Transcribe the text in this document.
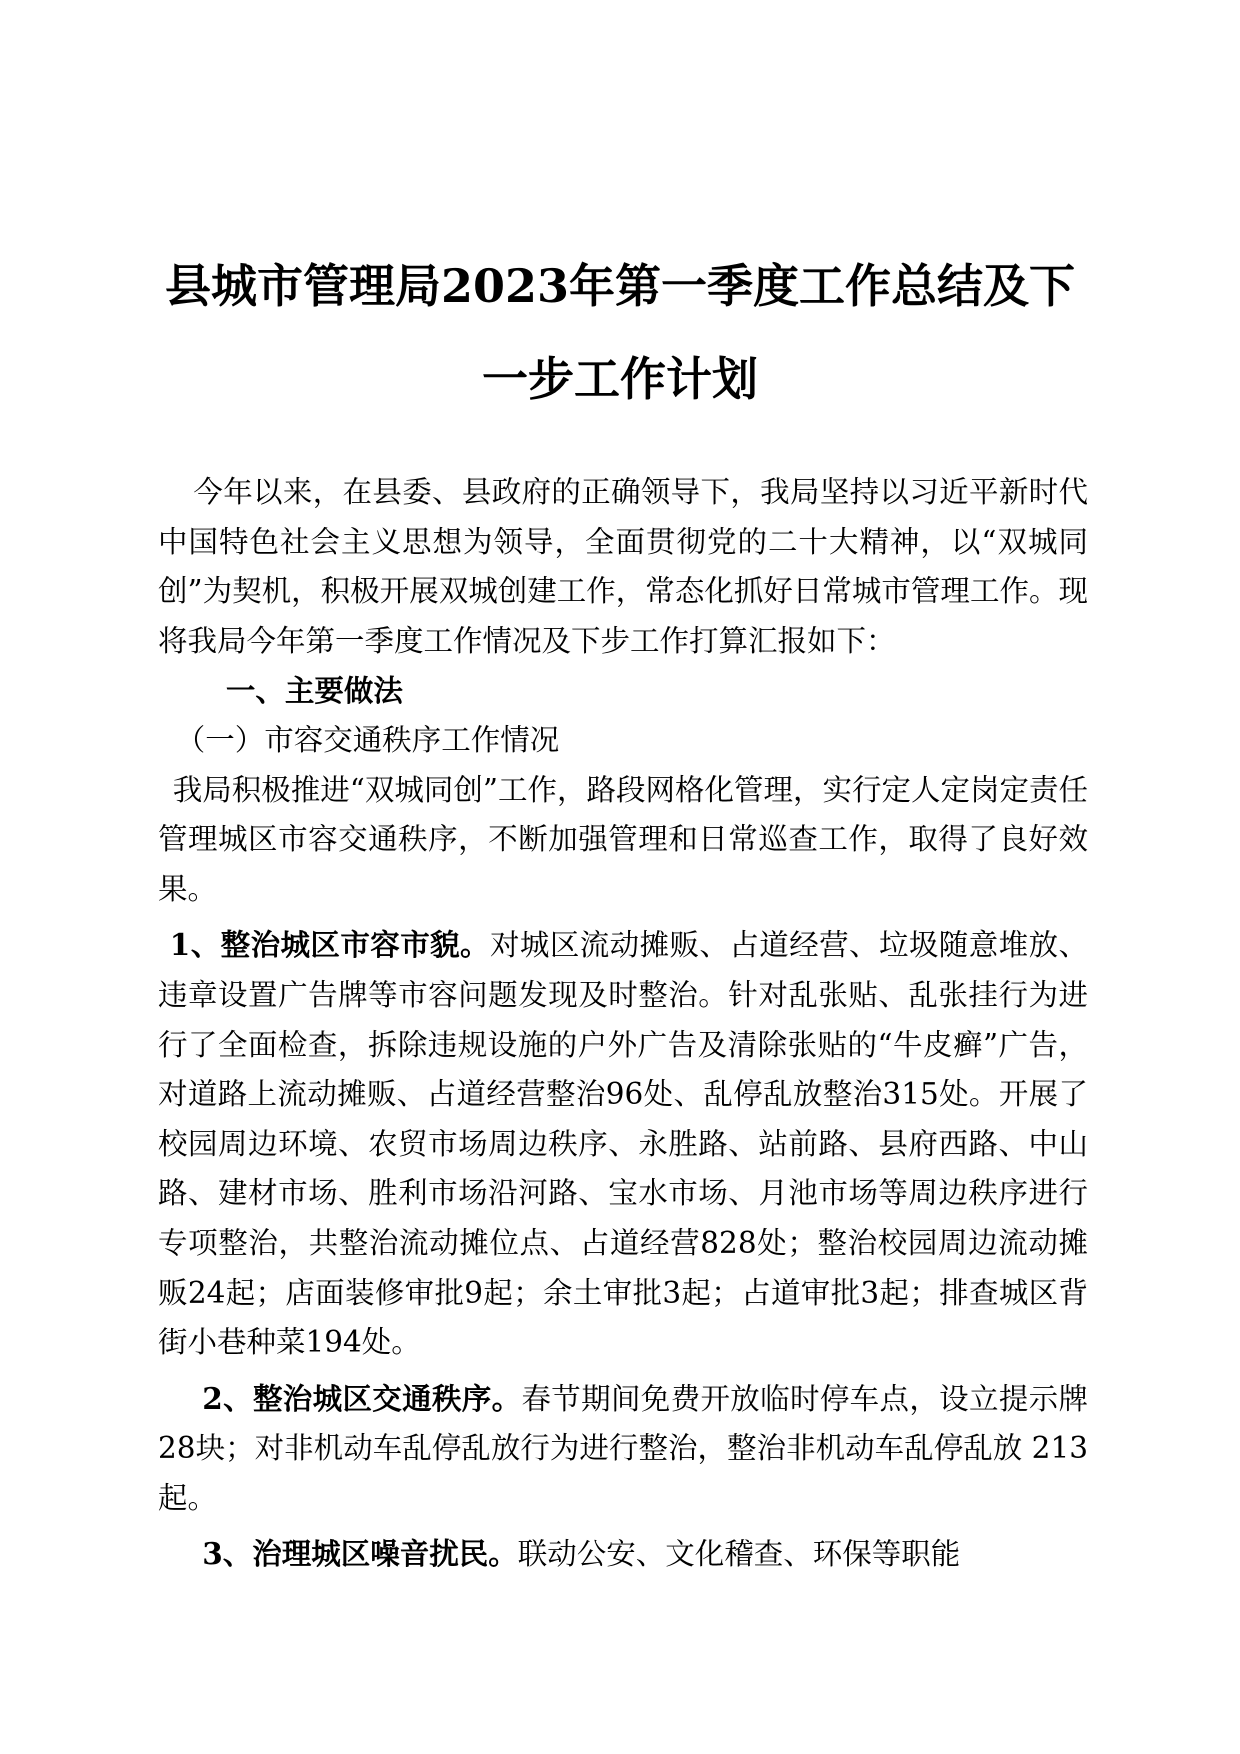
县城市管理局2023年第一季度工作总结及下
一步工作计划

今年以来，在县委、县政府的正确领导下，我局坚持以习近平新时代中国特色社会主义思想为领导，全面贯彻党的二十大精神，以“双城同创”为契机，积极开展双城创建工作，常态化抓好日常城市管理工作。现将我局今年第一季度工作情况及下步工作打算汇报如下：

一、主要做法

（一）市容交通秩序工作情况

我局积极推进“双城同创”工作，路段网格化管理，实行定人定岗定责任管理城区市容交通秩序，不断加强管理和日常巡查工作，取得了良好效果。

1、整治城区市容市貌。对城区流动摊贩、占道经营、垃圾随意堆放、违章设置广告牌等市容问题发现及时整治。针对乱张贴、乱张挂行为进行了全面检查，拆除违规设施的户外广告及清除张贴的“牛皮癣”广告，对道路上流动摊贩、占道经营整治96处、乱停乱放整治315处。开展了校园周边环境、农贸市场周边秩序、永胜路、站前路、县府西路、中山路、建材市场、胜利市场沿河路、宝水市场、月池市场等周边秩序进行专项整治，共整治流动摊位点、占道经营828处；整治校园周边流动摊贩24起；店面装修审批9起；余土审批3起；占道审批3起；排查城区背街小巷种菜194处。

2、整治城区交通秩序。春节期间免费开放临时停车点，设立提示牌28块；对非机动车乱停乱放行为进行整治，整治非机动车乱停乱放 213起。

3、治理城区噪音扰民。联动公安、文化稽查、环保等职能
